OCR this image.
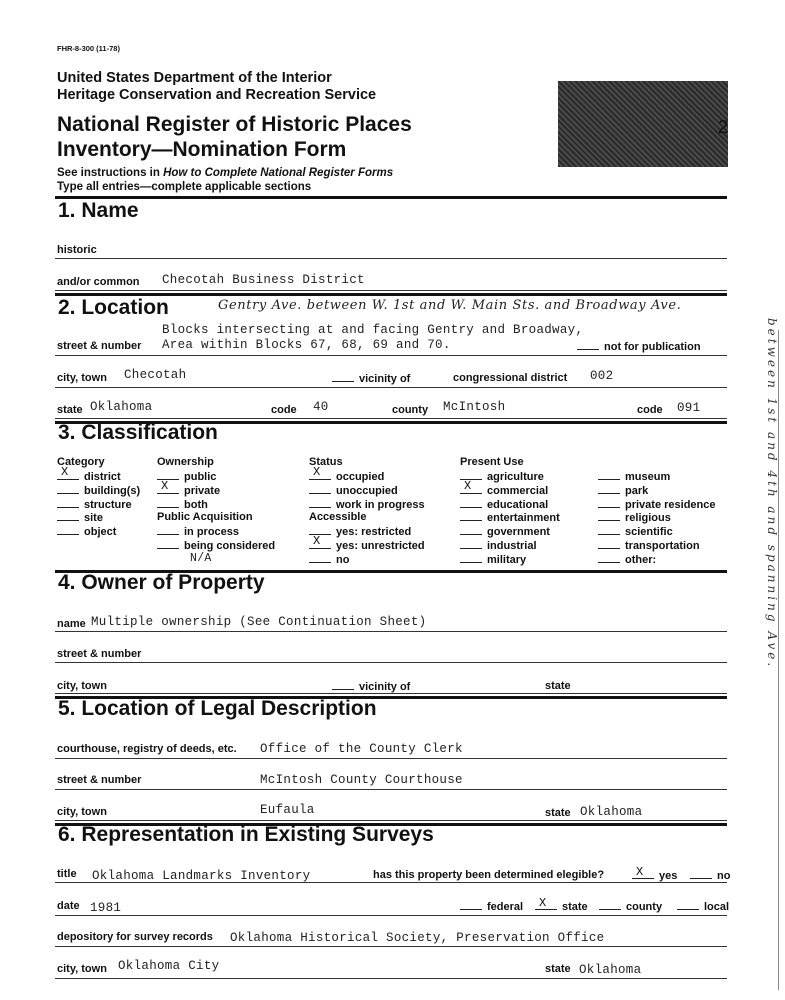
FHR-8-300 (11-78)
United States Department of the Interior
Heritage Conservation and Recreation Service
National Register of Historic Places
Inventory—Nomination Form
See instructions in How to Complete National Register Forms
Type all entries—complete applicable sections
2
1. Name
historic
and/or common Checotah Business District
2. Location	Gentry Ave. between W. 1st and W. Main Sts. and Broadway Ave.
Blocks intersecting at and facing Gentry and Broadway,
street & number Area within Blocks 67, 68, 69 and 70.	not for publication
city, town Checotah	vicinity of	congressional district 002
state Oklahoma	code 40	county McIntosh	code 091
3. Classification
Category
X district
building(s)
structure
site
object
Ownership
public
X private
both
Public Acquisition
in process
being considered
N/A
Status
X occupied
unoccupied
work in progress
Accessible
yes: restricted
X yes: unrestricted
no
Present Use
agriculture
X commercial
educational
entertainment
government
industrial
military
museum
park
private residence
religious
scientific
transportation
other:
4. Owner of Property
name Multiple ownership (See Continuation Sheet)
street & number
city, town	vicinity of	state
5. Location of Legal Description
courthouse, registry of deeds, etc. Office of the County Clerk
street & number	McIntosh County Courthouse
city, town	Eufaula	state Oklahoma
6. Representation in Existing Surveys
title Oklahoma Landmarks Inventory	has this property been determined elegible?	X yes	no
date 1981	federal X state	county	local
depository for survey records Oklahoma Historical Society, Preservation Office
city, town Oklahoma City	state Oklahoma
between 1st and 4th and spanning Ave.
